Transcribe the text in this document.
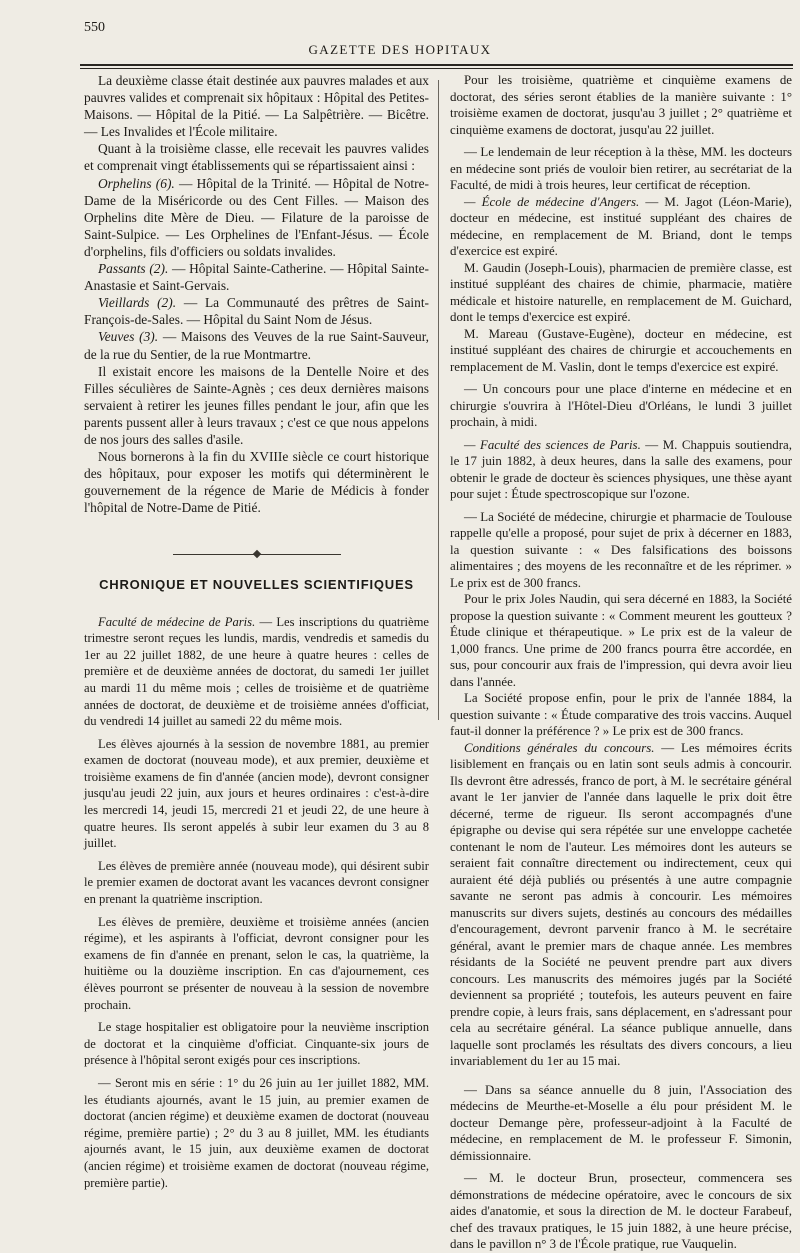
550
GAZETTE DES HOPITAUX

La deuxième classe était destinée aux pauvres malades et aux pauvres valides et comprenait six hôpitaux : Hôpital des Petites-Maisons. — Hôpital de la Pitié. — La Salpêtrière. — Bicêtre. — Les Invalides et l'École militaire.

Quant à la troisième classe, elle recevait les pauvres valides et comprenait vingt établissements qui se répartissaient ainsi :

Orphelins (6). — Hôpital de la Trinité. — Hôpital de Notre-Dame de la Miséricorde ou des Cent Filles. — Maison des Orphelins dite Mère de Dieu. — Filature de la paroisse de Saint-Sulpice. — Les Orphelines de l'Enfant-Jésus. — École d'orphelins, fils d'officiers ou soldats invalides.

Passants (2). — Hôpital Sainte-Catherine. — Hôpital Sainte-Anastasie et Saint-Gervais.

Vieillards (2). — La Communauté des prêtres de Saint-François-de-Sales. — Hôpital du Saint Nom de Jésus.

Veuves (3). — Maisons des Veuves de la rue Saint-Sauveur, de la rue du Sentier, de la rue Montmartre.

Il existait encore les maisons de la Dentelle Noire et des Filles séculières de Sainte-Agnès ; ces deux dernières maisons servaient à retirer les jeunes filles pendant le jour, afin que les parents pussent aller à leurs travaux ; c'est ce que nous appelons de nos jours des salles d'asile.

Nous bornerons à la fin du XVIIIe siècle ce court historique des hôpitaux, pour exposer les motifs qui déterminèrent le gouvernement de la régence de Marie de Médicis à fonder l'hôpital de Notre-Dame de Pitié.

CHRONIQUE ET NOUVELLES SCIENTIFIQUES

Faculté de médecine de Paris. — Les inscriptions du quatrième trimestre seront reçues les lundis, mardis, vendredis et samedis du 1er au 22 juillet 1882, de une heure à quatre heures : celles de première et de deuxième années de doctorat, du samedi 1er juillet au mardi 11 du même mois ; celles de troisième et de quatrième années de doctorat, de deuxième et de troisième années d'officiat, du vendredi 14 juillet au samedi 22 du même mois.

Les élèves ajournés à la session de novembre 1881, au premier examen de doctorat (nouveau mode), et aux premier, deuxième et troisième examens de fin d'année (ancien mode), devront consigner jusqu'au jeudi 22 juin, aux jours et heures ordinaires : c'est-à-dire les mercredi 14, jeudi 15, mercredi 21 et jeudi 22, de une heure à quatre heures. Ils seront appelés à subir leur examen du 3 au 8 juillet.

Les élèves de première année (nouveau mode), qui désirent subir le premier examen de doctorat avant les vacances devront consigner en prenant la quatrième inscription.

Les élèves de première, deuxième et troisième années (ancien régime), et les aspirants à l'officiat, devront consigner pour les examens de fin d'année en prenant, selon le cas, la quatrième, la huitième ou la douzième inscription. En cas d'ajournement, ces élèves pourront se présenter de nouveau à la session de novembre prochain.

Le stage hospitalier est obligatoire pour la neuvième inscription de doctorat et la cinquième d'officiat. Cinquante-six jours de présence à l'hôpital seront exigés pour ces inscriptions.

— Seront mis en série : 1° du 26 juin au 1er juillet 1882, MM. les étudiants ajournés, avant le 15 juin, au premier examen de doctorat (ancien régime) et deuxième examen de doctorat (nouveau régime, première partie) ; 2° du 3 au 8 juillet, MM. les étudiants ajournés avant, le 15 juin, aux deuxième examen de doctorat (ancien régime) et troisième examen de doctorat (nouveau régime, première partie).

Pour les troisième, quatrième et cinquième examens de doctorat, des séries seront établies de la manière suivante : 1° troisième examen de doctorat, jusqu'au 3 juillet ; 2° quatrième et cinquième examens de doctorat, jusqu'au 22 juillet.

— Le lendemain de leur réception à la thèse, MM. les docteurs en médecine sont priés de vouloir bien retirer, au secrétariat de la Faculté, de midi à trois heures, leur certificat de réception.

— École de médecine d'Angers. — M. Jagot (Léon-Marie), docteur en médecine, est institué suppléant des chaires de médecine, en remplacement de M. Briand, dont le temps d'exercice est expiré.

M. Gaudin (Joseph-Louis), pharmacien de première classe, est institué suppléant des chaires de chimie, pharmacie, matière médicale et histoire naturelle, en remplacement de M. Guichard, dont le temps d'exercice est expiré.

M. Mareau (Gustave-Eugène), docteur en médecine, est institué suppléant des chaires de chirurgie et accouchements en remplacement de M. Vaslin, dont le temps d'exercice est expiré.

— Un concours pour une place d'interne en médecine et en chirurgie s'ouvrira à l'Hôtel-Dieu d'Orléans, le lundi 3 juillet prochain, à midi.

— Faculté des sciences de Paris. — M. Chappuis soutiendra, le 17 juin 1882, à deux heures, dans la salle des examens, pour obtenir le grade de docteur ès sciences physiques, une thèse ayant pour sujet : Étude spectroscopique sur l'ozone.

— La Société de médecine, chirurgie et pharmacie de Toulouse rappelle qu'elle a proposé, pour sujet de prix à décerner en 1883, la question suivante : « Des falsifications des boissons alimentaires ; des moyens de les reconnaître et de les réprimer. » Le prix est de 300 francs.

Pour le prix Joles Naudin, qui sera décerné en 1883, la Société propose la question suivante : « Comment meurent les goutteux ? Étude clinique et thérapeutique. » Le prix est de la valeur de 1,000 francs. Une prime de 200 francs pourra être accordée, en sus, pour concourir aux frais de l'impression, qui devra avoir lieu dans l'année.

La Société propose enfin, pour le prix de l'année 1884, la question suivante : « Étude comparative des trois vaccins. Auquel faut-il donner la préférence ? » Le prix est de 300 francs.

Conditions générales du concours. — Les mémoires écrits lisiblement en français ou en latin sont seuls admis à concourir. Ils devront être adressés, franco de port, à M. le secrétaire général avant le 1er janvier de l'année dans laquelle le prix doit être décerné, terme de rigueur. Ils seront accompagnés d'une épigraphe ou devise qui sera répétée sur une enveloppe cachetée contenant le nom de l'auteur. Les mémoires dont les auteurs se seraient fait connaître directement ou indirectement, ceux qui auraient été déjà publiés ou présentés à une autre compagnie savante ne seront pas admis à concourir. Les mémoires manuscrits sur divers sujets, destinés au concours des médailles d'encouragement, devront parvenir franco à M. le secrétaire général, avant le premier mars de chaque année. Les membres résidants de la Société ne peuvent prendre part aux divers concours. Les manuscrits des mémoires jugés par la Société deviennent sa propriété ; toutefois, les auteurs peuvent en faire prendre copie, à leurs frais, sans déplacement, en s'adressant pour cela au secrétaire général. La séance publique annuelle, dans laquelle sont proclamés les résultats des divers concours, a lieu invariablement du 1er au 15 mai.

— Dans sa séance annuelle du 8 juin, l'Association des médecins de Meurthe-et-Moselle a élu pour président M. le docteur Demange père, professeur-adjoint à la Faculté de médecine, en remplacement de M. le professeur F. Simonin, démissionnaire.

— M. le docteur Brun, prosecteur, commencera ses démonstrations de médecine opératoire, avec le concours de six aides d'anatomie, et sous la direction de M. le docteur Farabeuf, chef des travaux pratiques, le 15 juin 1882, à une heure précise, dans le pavillon n° 3 de l'École pratique, rue Vauquelin.
